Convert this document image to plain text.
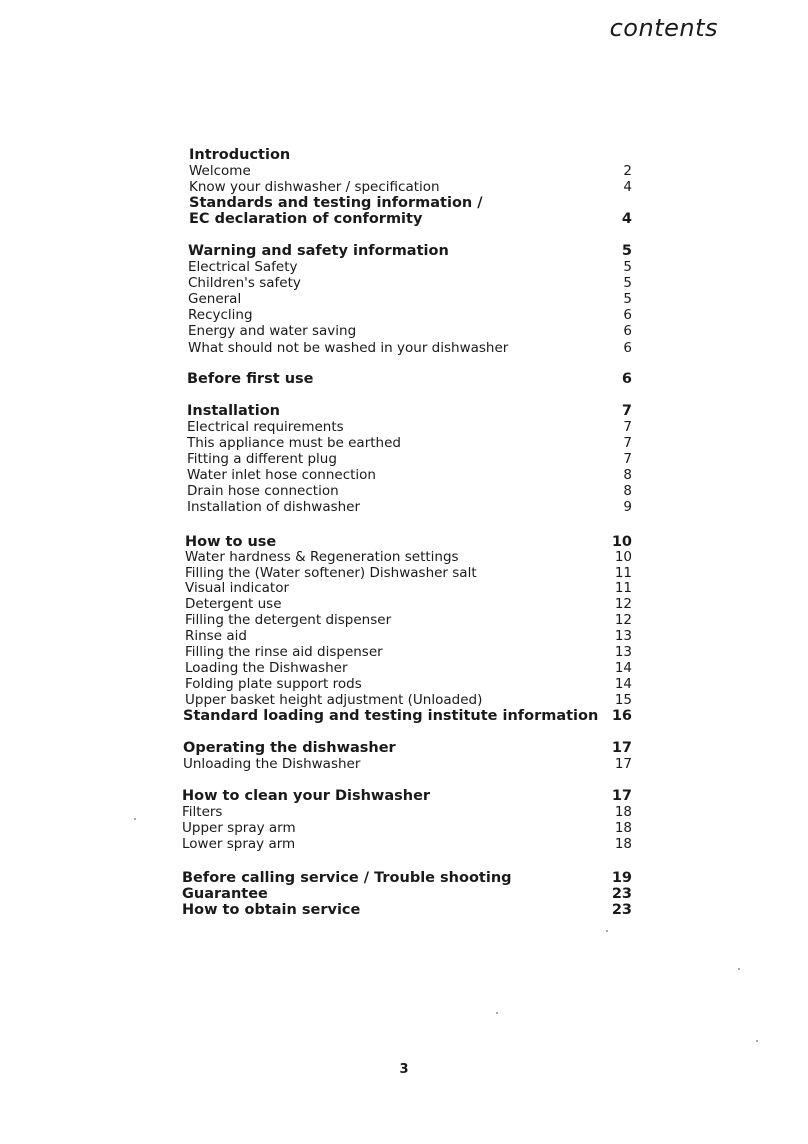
contents
Introduction
Welcome	2
Know your dishwasher / specification	4
Standards and testing information /
EC declaration of conformity	4
Warning and safety information	5
Electrical Safety	5
Children's safety	5
General	5
Recycling	6
Energy and water saving	6
What should not be washed in your dishwasher	6
Before first use	6
Installation	7
Electrical requirements	7
This appliance must be earthed	7
Fitting a different plug	7
Water inlet hose connection	8
Drain hose connection	8
Installation of dishwasher	9
How to use	10
Water hardness & Regeneration settings	10
Filling the (Water softener) Dishwasher salt	11
Visual indicator	11
Detergent use	12
Filling the detergent dispenser	12
Rinse aid	13
Filling the rinse aid dispenser	13
Loading the Dishwasher	14
Folding plate support rods	14
Upper basket height adjustment (Unloaded)	15
Standard loading and testing institute information 16
Operating the dishwasher	17
Unloading the Dishwasher	17
How to clean your Dishwasher	17
Filters	18
Upper spray arm	18
Lower spray arm	18
Before calling service / Trouble shooting	19
Guarantee	23
How to obtain service	23
3
